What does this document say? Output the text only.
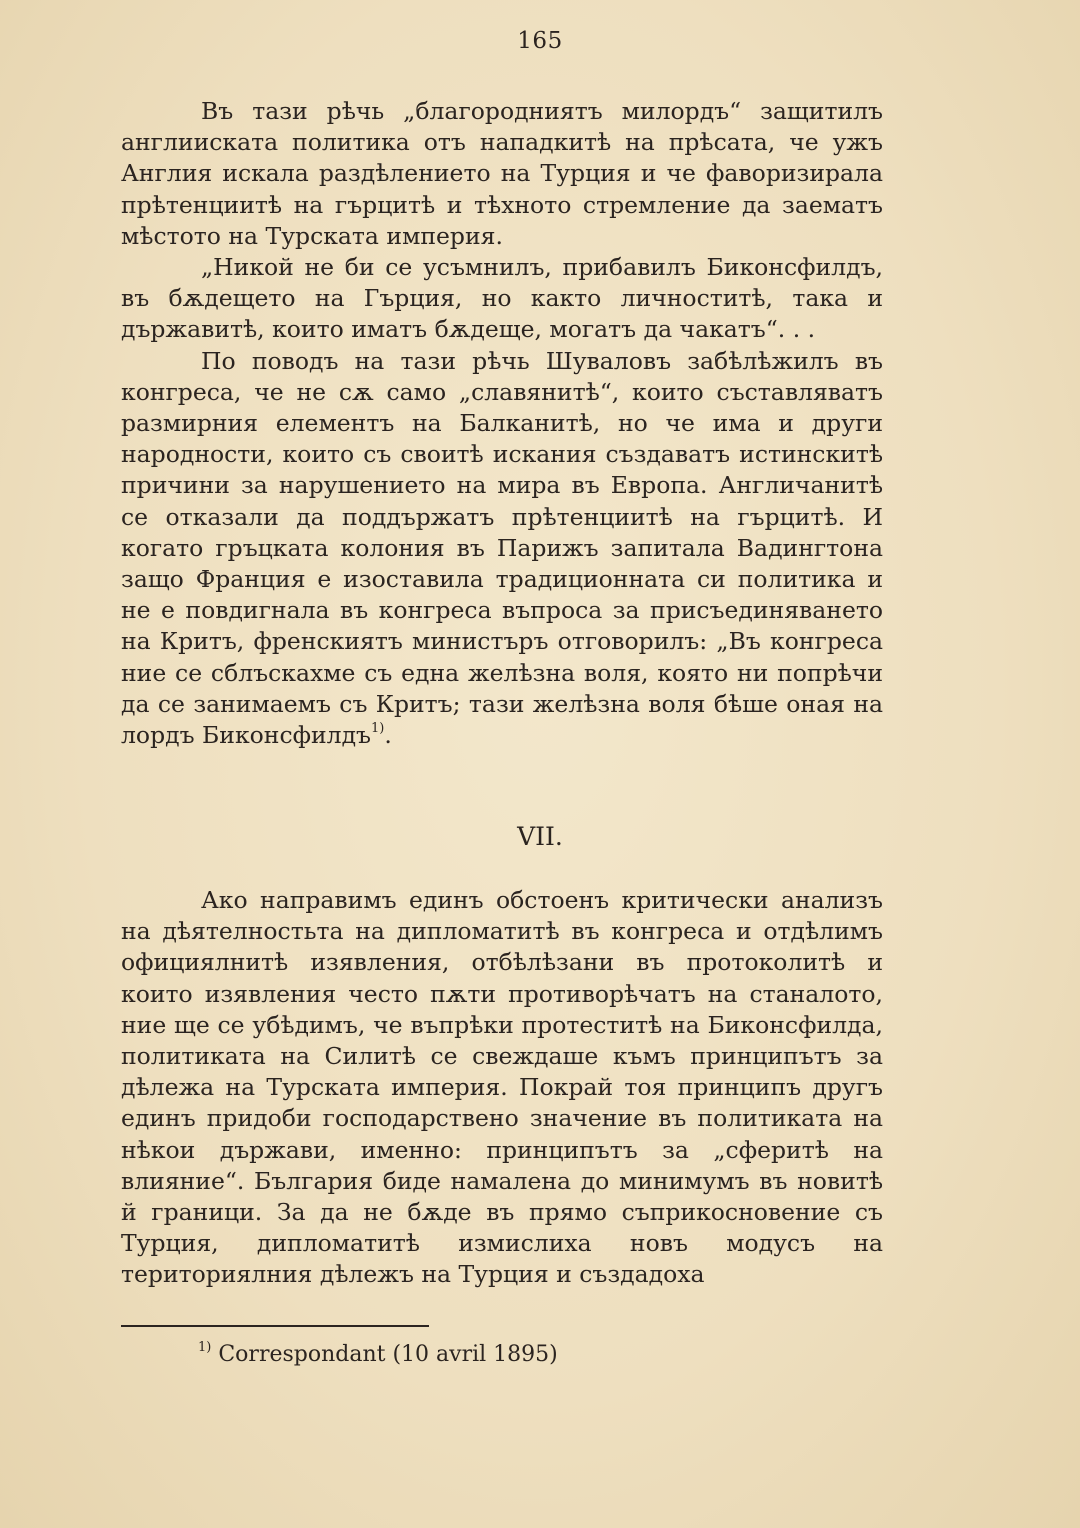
165

Въ тази рѣчь „благородниятъ милордъ“ защитилъ англиискaта политика отъ нападкитѣ на прѣсата, че ужъ Англия искала раздѣлението на Турция и че фаворизирала прѣтенциитѣ на гърцитѣ и тѣхното стремление да заематъ мѣстото на Турската империя.

„Никой не би се усъмнилъ, прибавилъ Биконсфилдъ, въ бѫдещето на Гърция, но както личноститѣ, така и държавитѣ, които иматъ бѫдеще, могатъ да чакатъ“. . .

По поводъ на тази рѣчь Шуваловъ забѣлѣжилъ въ конгреса, че не сѫ само „славянитѣ“, които съставляватъ размирния елементъ на Балканитѣ, но че има и други народности, които съ своитѣ искания създаватъ истинскитѣ причини за нарушението на мира въ Европа. Англичанитѣ се отказали да поддържатъ прѣтенциитѣ на гърцитѣ. И когато гръцката колония въ Парижъ запитала Вадингтона защо Франция е изоставила традиционната си политика и не е повдигнала въ конгреса въпроса за присъединяването на Критъ, френскиятъ министъръ отговорилъ: „Въ конгреса ние се сблъскахме съ една желѣзна воля, която ни попрѣчи да се занимаемъ съ Критъ; тази желѣзна воля бѣше оная на лордъ Биконсфилдъ$^{1)}$.

VII.

Ако направимъ единъ обстоенъ критически анализъ на дѣятелностьта на дипломатитѣ въ конгреса и отдѣлимъ официялнитѣ изявления, отбѣлѣзани въ протоколитѣ и които изявления често пѫти противорѣчатъ на станалото, ние ще се убѣдимъ, че въпрѣки протеститѣ на Биконсфилда, политиката на Силитѣ се свеждаше къмъ принципътъ за дѣлежа на Турската империя. Покрай тоя принципъ другъ единъ придоби господарствено значение въ политиката на нѣкои държави, именно: принципътъ за „сферитѣ на влияние“. България биде намалена до минимумъ въ новитѣ й граници. За да не бѫде въ прямо съприкосновение съ Турция, дипломатитѣ измислиха новъ модусъ на териториялния дѣлежъ на Турция и създадоха

$^{1)}$ Correspondant (10 avril 1895)
